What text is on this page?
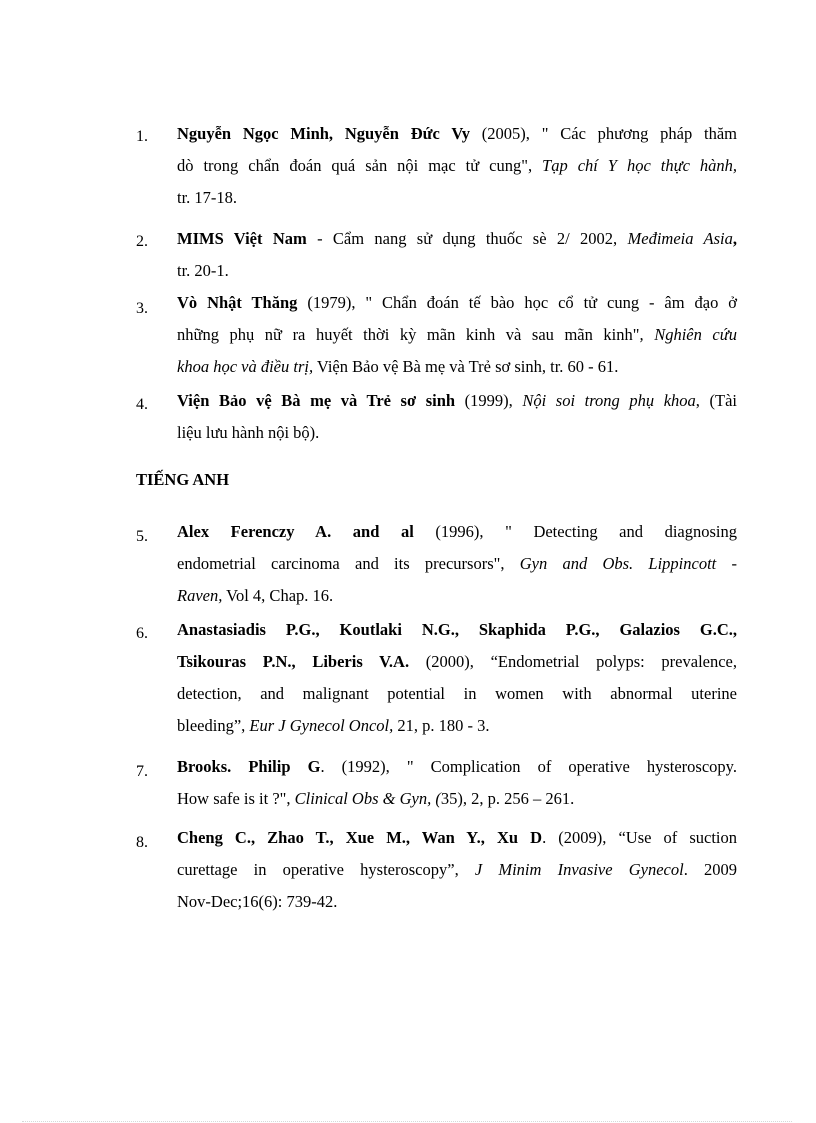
1. Nguyễn Ngọc Minh, Nguyễn Đức Vy (2005), " Các phương pháp thăm
dò trong chẩn đoán quá sản nội mạc tử cung", Tạp chí Y học thực hành,
tr. 17-18.
2. MIMS Việt Nam - Cẩm nang sử dụng thuốc sè 2/ 2002, Međimeia Asia,
tr. 20-1.
3. Vò Nhật Thăng (1979), " Chẩn đoán tế bào học cổ tử cung - âm đạo ở
những phụ nữ ra huyết thời kỳ mãn kinh và sau mãn kinh", Nghiên cứu
khoa học và điều trị, Viện Bảo vệ Bà mẹ và Trẻ sơ sinh, tr. 60 - 61.
4. Viện Bảo vệ Bà mẹ và Trẻ sơ sinh (1999), Nội soi trong phụ khoa, (Tài
liệu lưu hành nội bộ).
TIẾNG ANH
5. Alex Ferenczy A. and al (1996), " Detecting and diagnosing
endometrial carcinoma and its precursors", Gyn and Obs. Lippincott -
Raven, Vol 4, Chap. 16.
6. Anastasiadis P.G., Koutlaki N.G., Skaphida P.G., Galazios G.C.,
Tsikouras P.N., Liberis V.A. (2000), “Endometrial polyps: prevalence,
detection, and malignant potential in women with abnormal uterine
bleeding”, Eur J Gynecol Oncol, 21, p. 180 - 3.
7. Brooks. Philip G. (1992), " Complication of operative hysteroscopy.
How safe is it ?", Clinical Obs & Gyn, (35), 2, p. 256 – 261.
8. Cheng C., Zhao T., Xue M., Wan Y., Xu D. (2009), “Use of suction
curettage in operative hysteroscopy”, J Minim Invasive Gynecol. 2009
Nov-Dec;16(6): 739-42.
